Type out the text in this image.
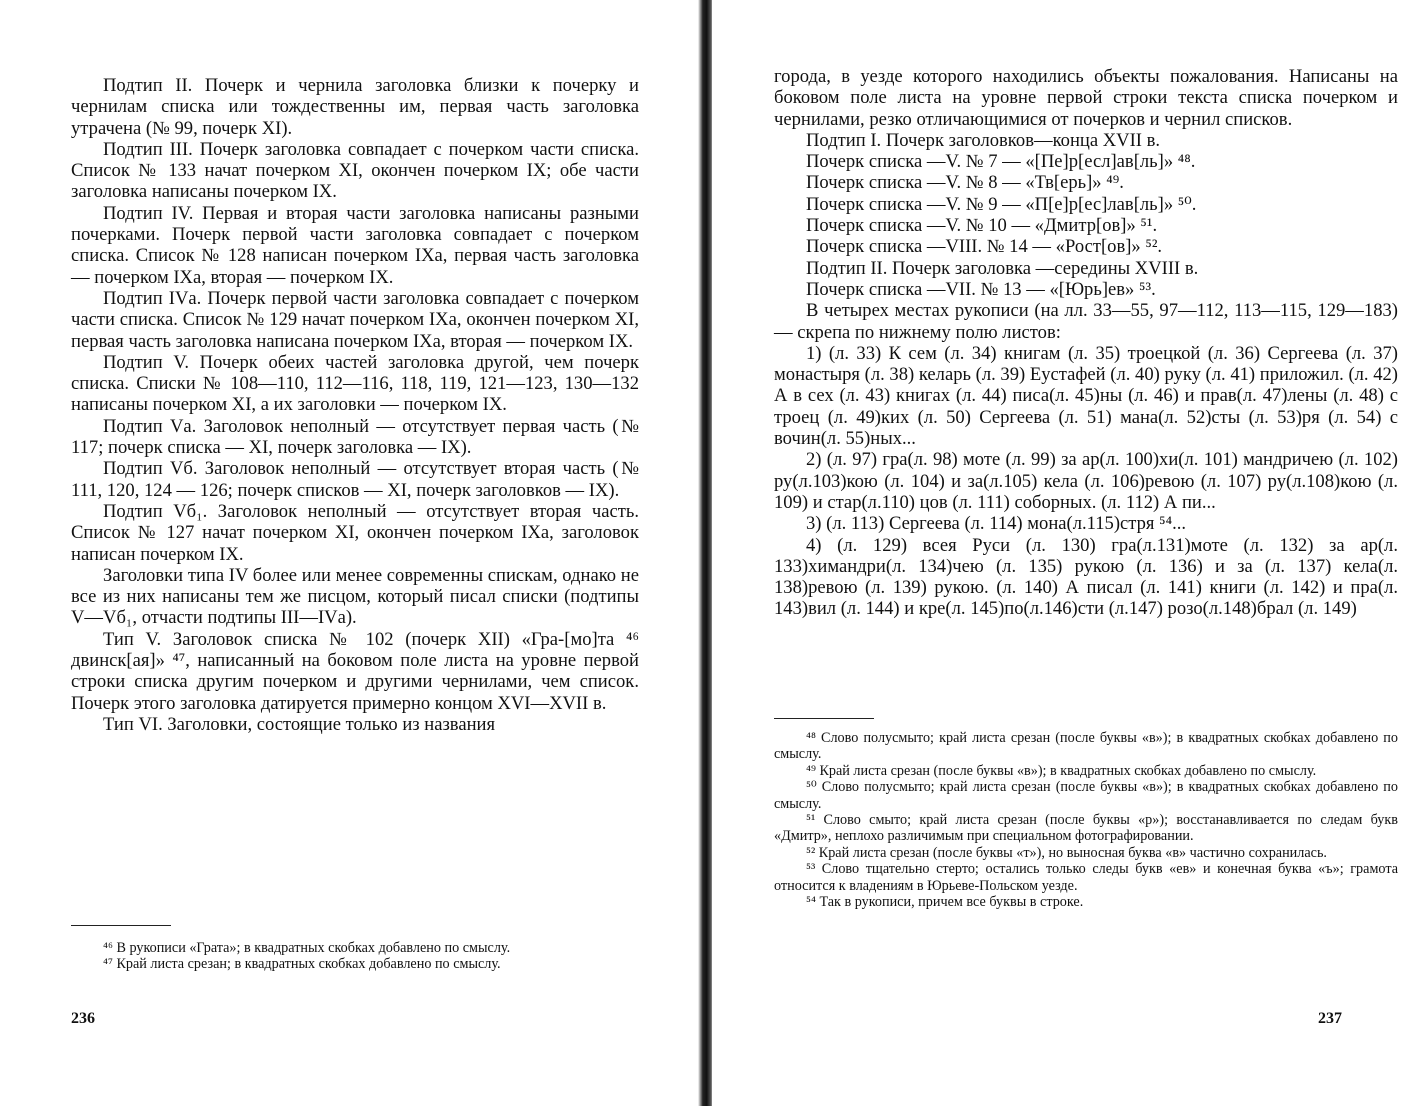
Подтип II. Почерк и чернила заголовка близки к почерку и чернилам списка или тождественны им, первая часть заголовка утрачена (№ 99, почерк XI).

Подтип III. Почерк заголовка совпадает с почерком части списка. Список № 133 начат почерком XI, окончен почерком IX; обе части заголовка написаны почерком IX.

Подтип IV. Первая и вторая части заголовка написаны разными почерками. Почерк первой части заголовка совпадает с почерком списка. Список № 128 написан почерком IXа, первая часть заголовка — почерком IXа, вторая — почерком IX.

Подтип IVа. Почерк первой части заголовка совпадает с почерком части списка. Список № 129 начат почерком IXа, окончен почерком XI, первая часть заголовка написана почерком IXа, вторая — почерком IX.

Подтип V. Почерк обеих частей заголовка другой, чем почерк списка. Списки № 108—110, 112—116, 118, 119, 121—123, 130—132 написаны почерком XI, а их заголовки — почерком IX.

Подтип Vа. Заголовок неполный — отсутствует первая часть (№ 117; почерк списка — XI, почерк заголовка — IX).

Подтип Vб. Заголовок неполный — отсутствует вторая часть (№ 111, 120, 124 — 126; почерк списков — XI, почерк заголовков — IX).

Подтип Vб₁. Заголовок неполный — отсутствует вторая часть. Список № 127 начат почерком XI, окончен почерком IXа, заголовок написан почерком IX.

Заголовки типа IV более или менее современны спискам, однако не все из них написаны тем же писцом, который писал списки (подтипы V—Vб₁, отчасти подтипы III—IVа).

Тип V. Заголовок списка № 102 (почерк XII) «Гра-[мо]та ⁴⁶ двинск[ая]» ⁴⁷, написанный на боковом поле листа на уровне первой строки списка другим почерком и другими чернилами, чем список. Почерк этого заголовка датируется примерно концом XVI—XVII в.

Тип VI. Заголовки, состоящие только из названия

⁴⁶ В рукописи «Грата»; в квадратных скобках добавлено по смыслу.

⁴⁷ Край листа срезан; в квадратных скобках добавлено по смыслу.

236

города, в уезде которого находились объекты пожалования. Написаны на боковом поле листа на уровне первой строки текста списка почерком и чернилами, резко отличающимися от почерков и чернил списков.

Подтип I. Почерк заголовков—конца XVII в.

Почерк списка —V. № 7 — «[Пе]р[есл]ав[ль]» ⁴⁸.

Почерк списка —V. № 8 — «Тв[ерь]» ⁴⁹.

Почерк списка —V. № 9 — «П[е]р[ес]лав[ль]» ⁵⁰.

Почерк списка —V. № 10 — «Дмитр[ов]» ⁵¹.

Почерк списка —VIII. № 14 — «Рост[ов]» ⁵².

Подтип II. Почерк заголовка —середины XVIII в.

Почерк списка —VII. № 13 — «[Юрь]ев» ⁵³.

В четырех местах рукописи (на лл. 33—55, 97—112, 113—115, 129—183) — скрепа по нижнему полю листов:

1) (л. 33) К сем (л. 34) книгам (л. 35) троецкой (л. 36) Сергеева (л. 37) монастыря (л. 38) келарь (л. 39) Еустафей (л. 40) руку (л. 41) приложил. (л. 42) А в сех (л. 43) книгах (л. 44) писа(л. 45)ны (л. 46) и прав(л. 47)лены (л. 48) с троец (л. 49)ких (л. 50) Сергеева (л. 51) мана(л. 52)сты (л. 53)ря (л. 54) с вочин(л. 55)ных...

2) (л. 97) гра(л. 98) моте (л. 99) за ар(л. 100)хи(л. 101) мандричею (л. 102) ру(л.103)кою (л. 104) и за(л.105) кела (л. 106)ревою (л. 107) ру(л.108)кою (л. 109) и стар(л.110) цов (л. 111) соборных. (л. 112) А пи...

3) (л. 113) Сергеева (л. 114) мона(л.115)стря ⁵⁴...

4) (л. 129) всея Руси (л. 130) гра(л.131)моте (л. 132) за ар(л. 133)химандри(л. 134)чею (л. 135) рукою (л. 136) и за (л. 137) кела(л. 138)ревою (л. 139) рукою. (л. 140) А писал (л. 141) книги (л. 142) и пра(л. 143)вил (л. 144) и кре(л. 145)по(л.146)сти (л.147) розо(л.148)брал (л. 149)

⁴⁸ Слово полусмыто; край листа срезан (после буквы «в»); в квадратных скобках добавлено по смыслу.

⁴⁹ Край листа срезан (после буквы «в»); в квадратных скобках добавлено по смыслу.

⁵⁰ Слово полусмыто; край листа срезан (после буквы «в»); в квадратных скобках добавлено по смыслу.

⁵¹ Слово смыто; край листа срезан (после буквы «р»); восстанавливается по следам букв «Дмитр», неплохо различимым при специальном фотографировании.

⁵² Край листа срезан (после буквы «т»), но выносная буква «в» частично сохранилась.

⁵³ Слово тщательно стерто; остались только следы букв «ев» и конечная буква «ъ»; грамота относится к владениям в Юрьеве-Польском уезде.

⁵⁴ Так в рукописи, причем все буквы в строке.

237
